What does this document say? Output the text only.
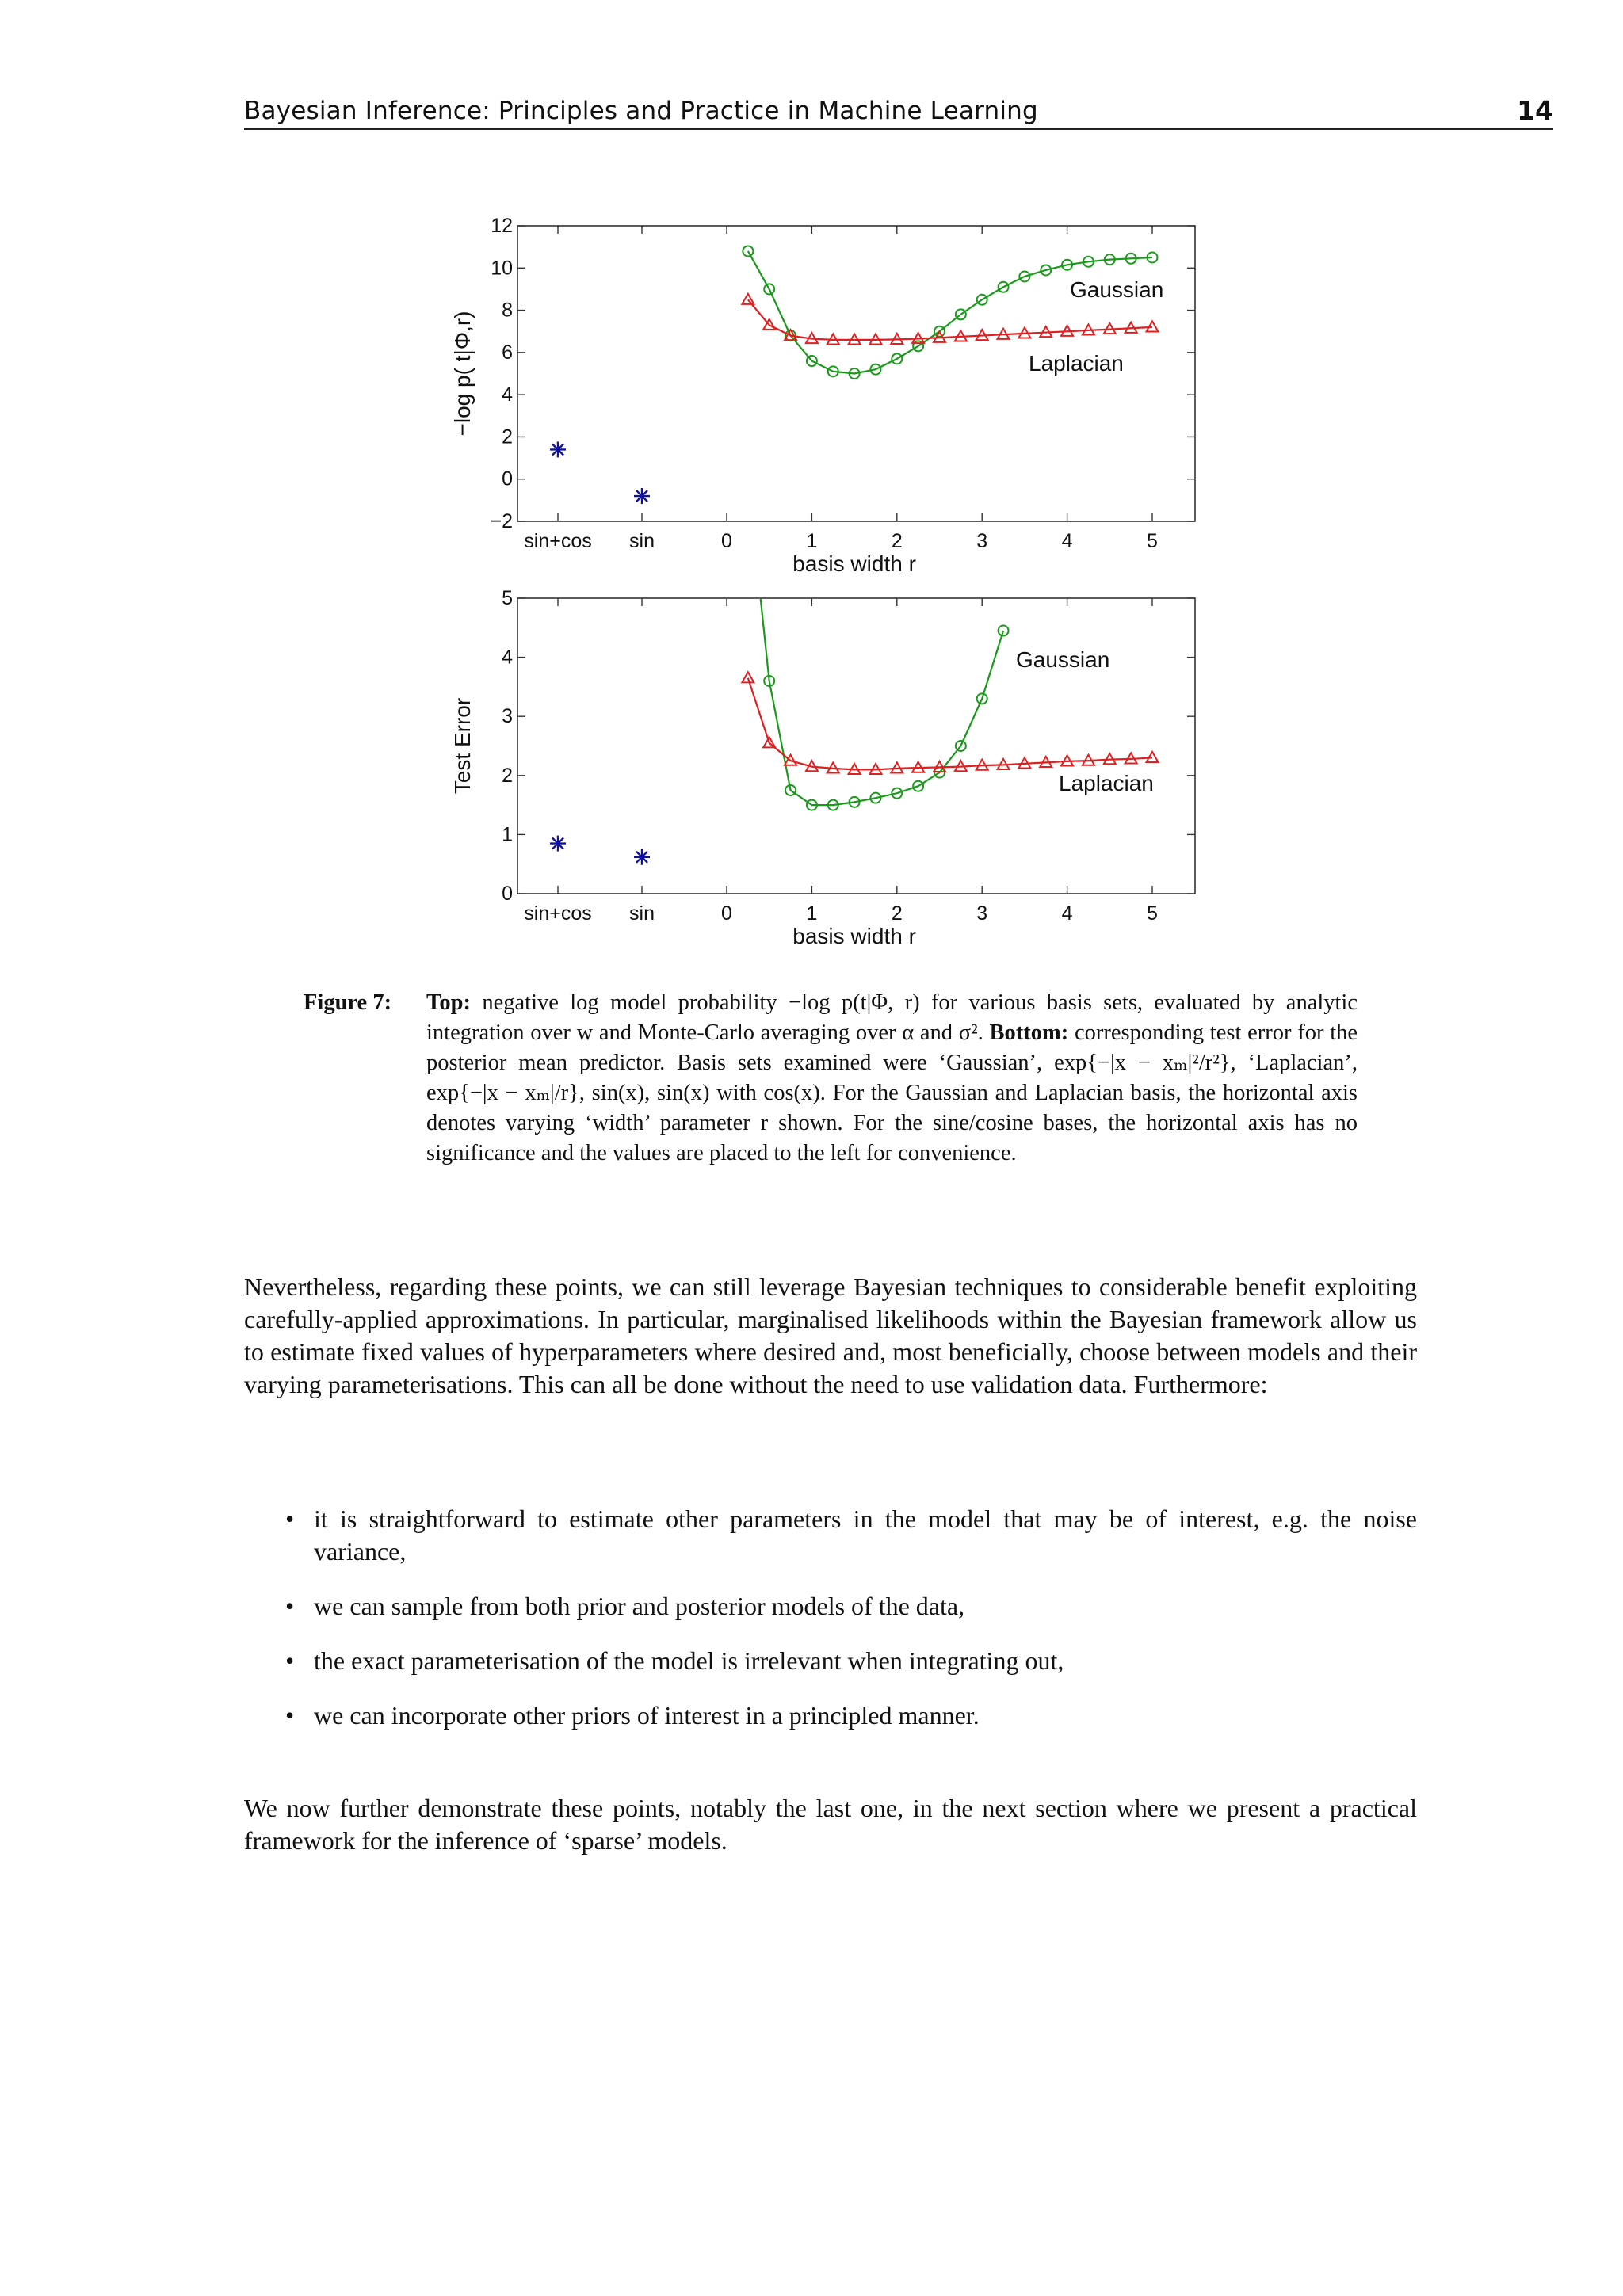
Bayesian Inference: Principles and Practice in Machine Learning	14
−2
0
2
4
6
8
10
12
0	1	2	3	4	5
sin+cos sin
basis width r
−log p( t|Φ,r)
Gaussian
Laplacian
0
1
2
3
4
5
0	1	2	3	4	5
sin+cos sin
basis width r
Test Error
Gaussian
Laplacian
Figure 7: Top: negative log model probability −log p(t|Φ, r) for various basis sets, evaluated by analytic integration over w and Monte-Carlo averaging over α and σ². Bottom: corresponding test error for the posterior mean predictor. Basis sets examined were ‘Gaussian’, exp{−|x − xₘ|²/r²}, ‘Laplacian’, exp{−|x − xₘ|/r}, sin(x), sin(x) with cos(x). For the Gaussian and Laplacian basis, the horizontal axis denotes varying ‘width’ parameter r shown. For the sine/cosine bases, the horizontal axis has no significance and the values are placed to the left for convenience.

Nevertheless, regarding these points, we can still leverage Bayesian techniques to considerable benefit exploiting carefully-applied approximations. In particular, marginalised likelihoods within the Bayesian framework allow us to estimate fixed values of hyperparameters where desired and, most beneficially, choose between models and their varying parameterisations. This can all be done without the need to use validation data. Furthermore:

• it is straightforward to estimate other parameters in the model that may be of interest, e.g. the noise variance,
• we can sample from both prior and posterior models of the data,
• the exact parameterisation of the model is irrelevant when integrating out,
• we can incorporate other priors of interest in a principled manner.

We now further demonstrate these points, notably the last one, in the next section where we present a practical framework for the inference of ‘sparse’ models.
